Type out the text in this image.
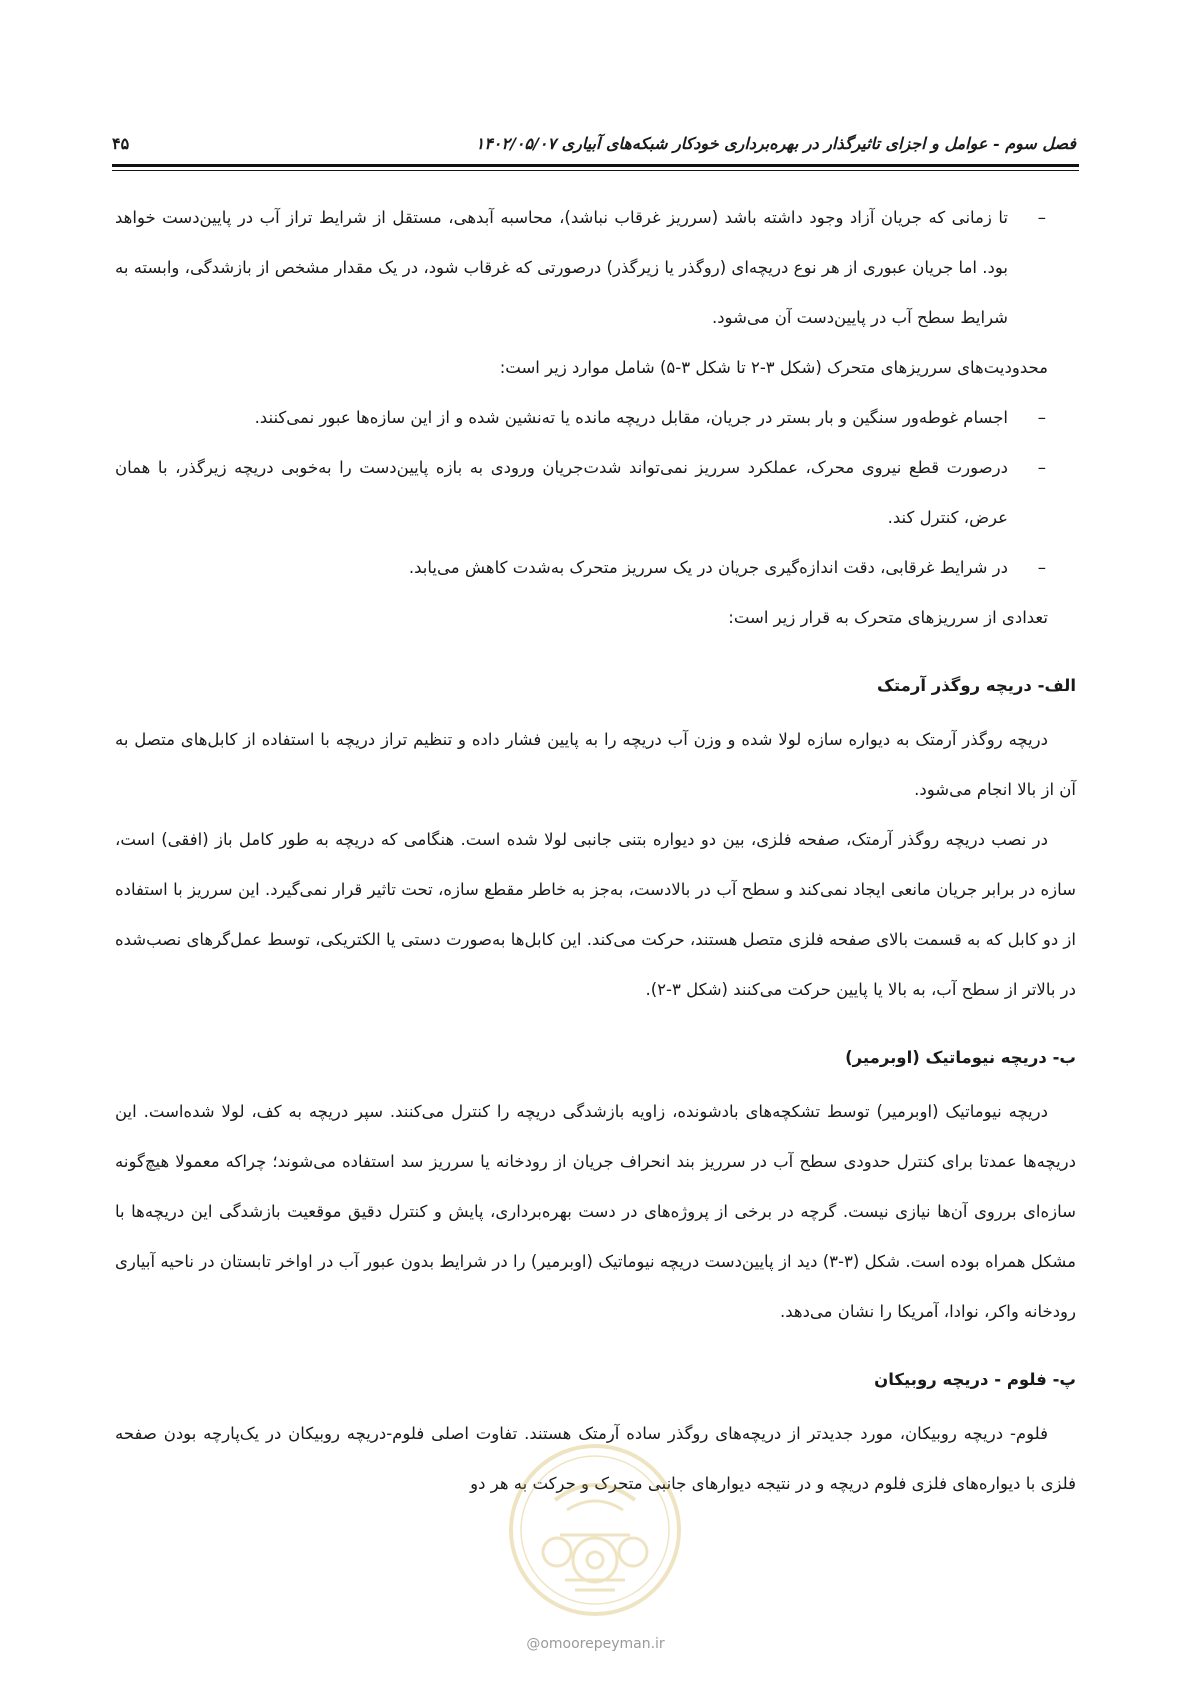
فصل سوم - عوامل و اجزای تاثیرگذار در بهره‌برداری خودکار شبکه‌های آبیاری ۱۴۰۲/۰۵/۰۷
۴۵

–
تا زمانی که جریان آزاد وجود داشته باشد (سرریز غرقاب نباشد)، محاسبه آبدهی، مستقل از شرایط تراز آب در پایین‌دست خواهد بود. اما جریان عبوری از هر نوع دریچه‌ای (روگذر یا زیرگذر) درصورتی که غرقاب شود، در یک مقدار مشخص از بازشدگی، وابسته به شرایط سطح آب در پایین‌دست آن می‌شود.

محدودیت‌های سرریزهای متحرک (شکل ۳-۲ تا شکل ۳-۵) شامل موارد زیر است:

–
اجسام غوطه‌ور سنگین و بار بستر در جریان، مقابل دریچه مانده یا ته‌نشین شده و از این سازه‌ها عبور نمی‌کنند.

–
درصورت قطع نیروی محرک، عملکرد سرریز نمی‌تواند شدت‌جریان ورودی به بازه پایین‌دست را به‌خوبی دریچه زیرگذر، با همان عرض، کنترل کند.

–
در شرایط غرقابی، دقت اندازه‌گیری جریان در یک سرریز متحرک به‌شدت کاهش می‌یابد.

تعدادی از سرریزهای متحرک به قرار زیر است:

الف- دریچه روگذر آرمتک

دریچه روگذر آرمتک به دیواره سازه لولا شده و وزن آب دریچه را به پایین فشار داده و تنظیم تراز دریچه با استفاده از کابل‌های متصل به آن از بالا انجام می‌شود.

در نصب دریچه روگذر آرمتک، صفحه فلزی، بین دو دیواره بتنی جانبی لولا شده است. هنگامی که دریچه به طور کامل باز (افقی) است، سازه در برابر جریان مانعی ایجاد نمی‌کند و سطح آب در بالادست، به‌جز به خاطر مقطع سازه، تحت تاثیر قرار نمی‌گیرد. این سرریز با استفاده از دو کابل که به قسمت بالای صفحه فلزی متصل هستند، حرکت می‌کند. این کابل‌ها به‌صورت دستی یا الکتریکی، توسط عمل‌گرهای نصب‌شده در بالاتر از سطح آب، به بالا یا پایین حرکت می‌کنند (شکل ۳-۲).

ب- دریچه نیوماتیک (اوبرمیر)

دریچه نیوماتیک (اوبرمیر) توسط تشکچه‌های بادشونده، زاویه بازشدگی دریچه را کنترل می‌کنند. سپر دریچه به کف، لولا شده‌است. این دریچه‌ها عمدتا برای کنترل حدودی سطح آب در سرریز بند انحراف جریان از رودخانه یا سرریز سد استفاده می‌شوند؛ چراکه معمولا هیچ‌گونه سازه‌ای برروی آن‌ها نیازی نیست. گرچه در برخی از پروژه‌های در دست بهره‌برداری، پایش و کنترل دقیق موقعیت بازشدگی این دریچه‌ها با مشکل همراه بوده است. شکل (۳-۳) دید از پایین‌دست دریچه نیوماتیک (اوبرمیر) را در شرایط بدون عبور آب در اواخر تابستان در ناحیه آبیاری رودخانه واکر، نوادا، آمریکا را نشان می‌دهد.

پ- فلوم - دریچه روبیکان

فلوم- دریچه روبیکان، مورد جدیدتر از دریچه‌های روگذر ساده آرمتک هستند. تفاوت اصلی فلوم-دریچه روبیکان در یک‌پارچه بودن صفحه فلزی با دیواره‌های فلزی فلوم دریچه و در نتیجه دیوارهای جانبی متحرک و حرکت به هر دو

@omoorepeyman.ir
